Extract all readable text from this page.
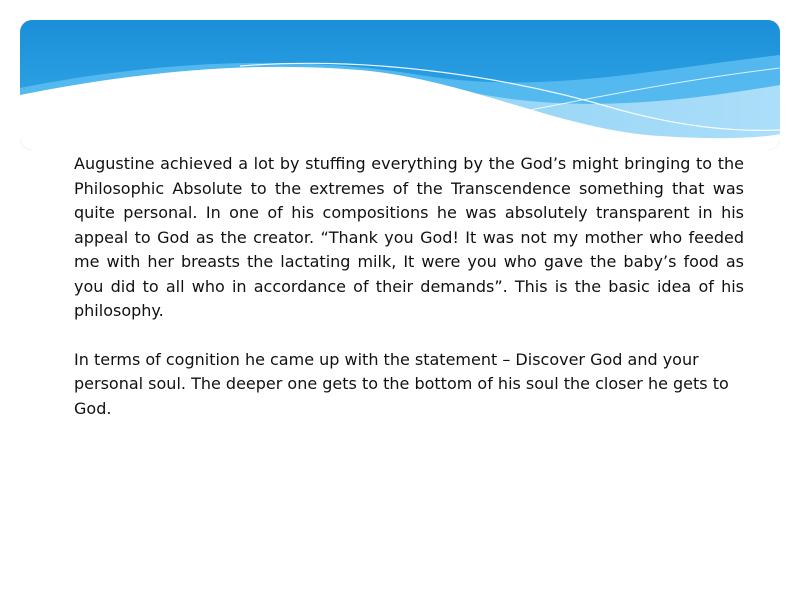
Augustine achieved a lot by stuffing everything by the God’s might bringing to the Philosophic Absolute to the extremes of the Transcendence something that was quite personal. In one of his compositions he was absolutely transparent in his appeal to God as the creator. “Thank you God! It was not my mother who feeded me with her breasts the lactating milk, It were you who gave the baby’s food as you did to all who in accordance of their demands”. This is the basic idea of his philosophy.

In terms of cognition he came up with the statement – Discover God and your personal soul. The deeper one gets to the bottom of his soul the closer he gets to God.
